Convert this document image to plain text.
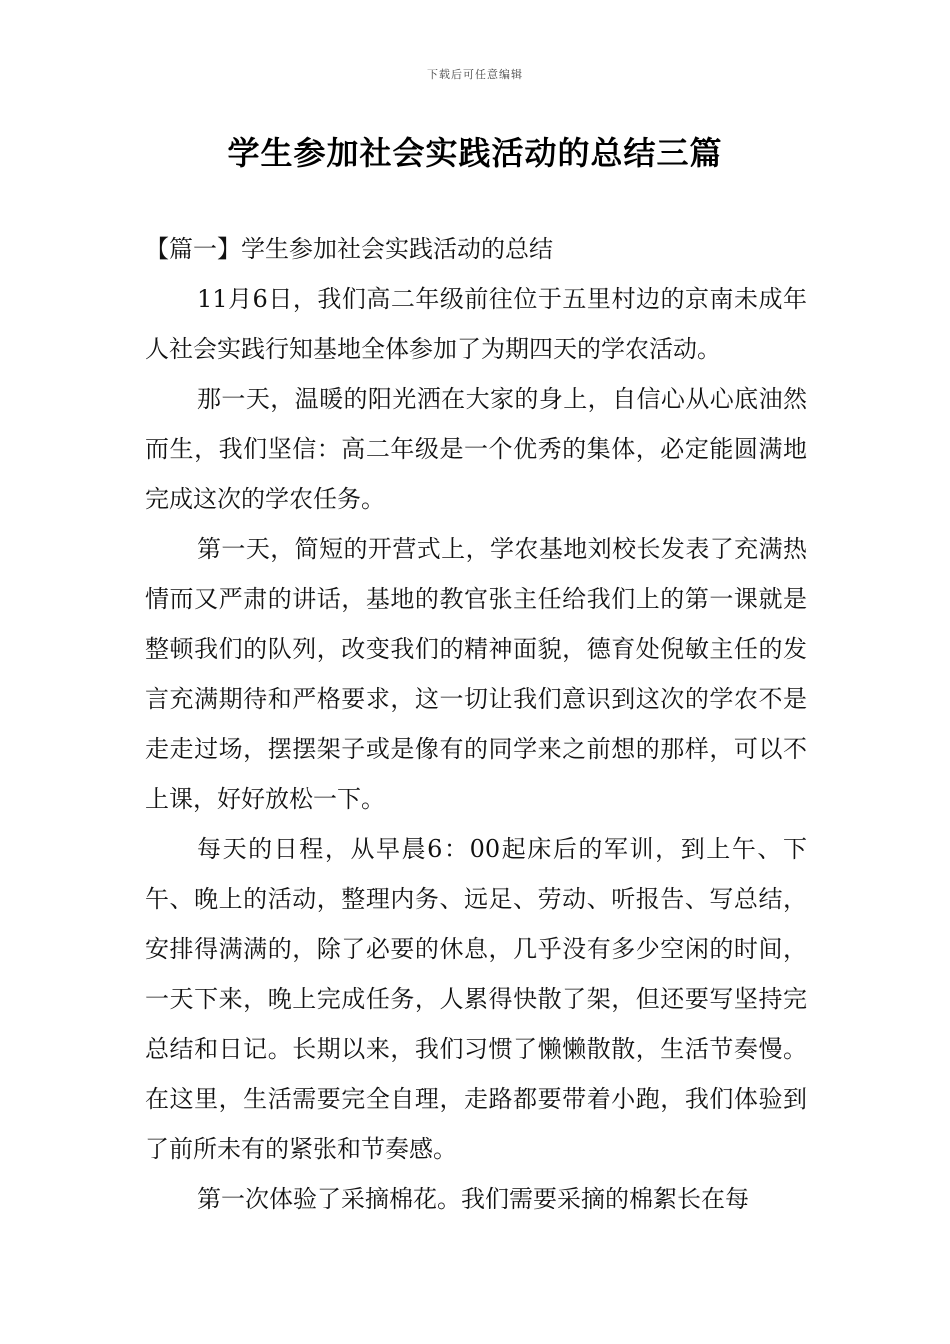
下载后可任意编辑
学生参加社会实践活动的总结三篇
【篇一】学生参加社会实践活动的总结

11月6日，我们高二年级前往位于五里村边的京南未成年人社会实践行知基地全体参加了为期四天的学农活动。

那一天，温暖的阳光洒在大家的身上，自信心从心底油然而生，我们坚信：高二年级是一个优秀的集体，必定能圆满地完成这次的学农任务。

第一天，简短的开营式上，学农基地刘校长发表了充满热情而又严肃的讲话，基地的教官张主任给我们上的第一课就是整顿我们的队列，改变我们的精神面貌，德育处倪敏主任的发言充满期待和严格要求，这一切让我们意识到这次的学农不是走走过场，摆摆架子或是像有的同学来之前想的那样，可以不上课，好好放松一下。

每天的日程，从早晨6：00起床后的军训，到上午、下午、晚上的活动，整理内务、远足、劳动、听报告、写总结，安排得满满的，除了必要的休息，几乎没有多少空闲的时间，一天下来，晚上完成任务，人累得快散了架，但还要写坚持完总结和日记。长期以来，我们习惯了懒懒散散，生活节奏慢。在这里，生活需要完全自理，走路都要带着小跑，我们体验到了前所未有的紧张和节奏感。

第一次体验了采摘棉花。我们需要采摘的棉絮长在每
